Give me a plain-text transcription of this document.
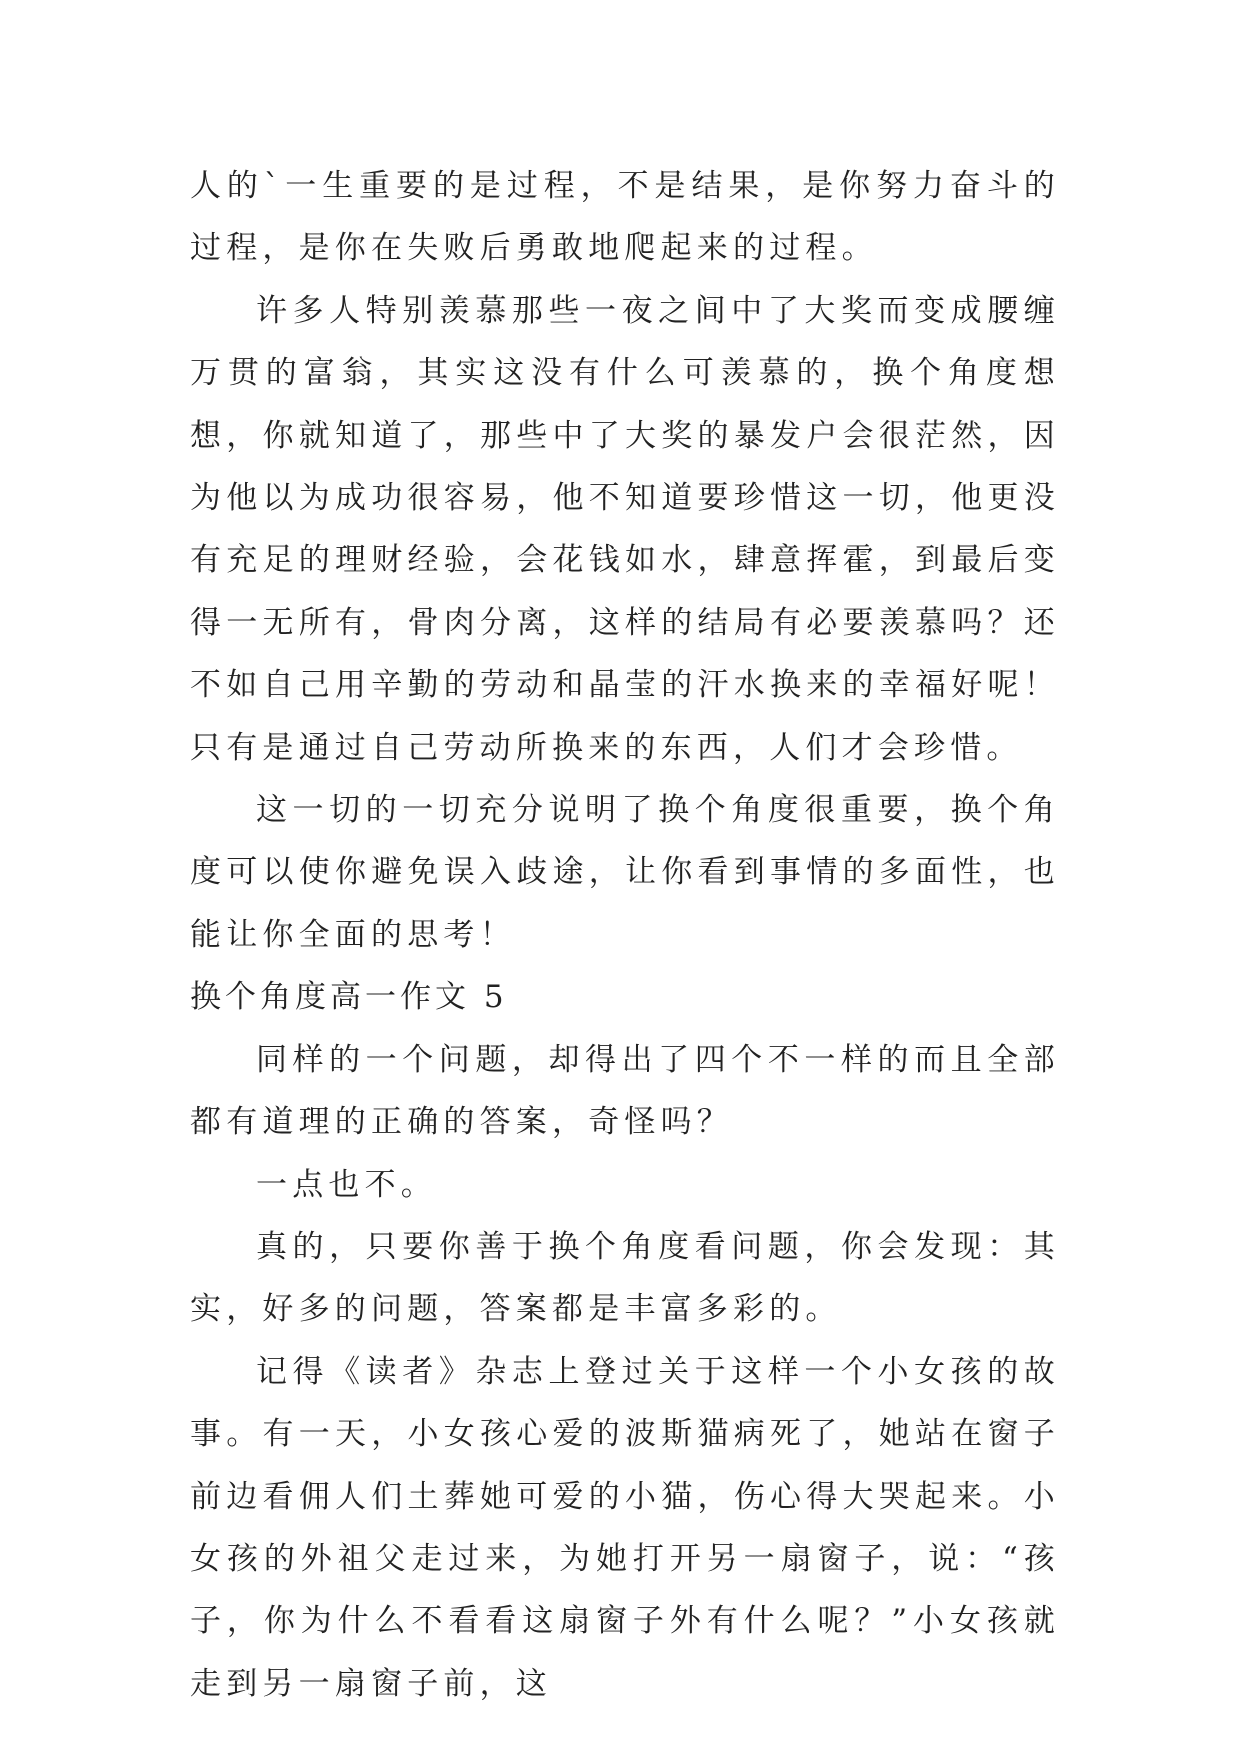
人的`一生重要的是过程，不是结果，是你努力奋斗的过程，是你在失败后勇敢地爬起来的过程。

许多人特别羡慕那些一夜之间中了大奖而变成腰缠万贯的富翁，其实这没有什么可羡慕的，换个角度想想，你就知道了，那些中了大奖的暴发户会很茫然，因为他以为成功很容易，他不知道要珍惜这一切，他更没有充足的理财经验，会花钱如水，肆意挥霍，到最后变得一无所有，骨肉分离，这样的结局有必要羡慕吗？还不如自己用辛勤的劳动和晶莹的汗水换来的幸福好呢！只有是通过自己劳动所换来的东西，人们才会珍惜。

这一切的一切充分说明了换个角度很重要，换个角度可以使你避免误入歧途，让你看到事情的多面性，也能让你全面的思考！

换个角度高一作文 5

同样的一个问题，却得出了四个不一样的而且全部都有道理的正确的答案，奇怪吗？

一点也不。

真的，只要你善于换个角度看问题，你会发现：其实，好多的问题，答案都是丰富多彩的。

记得《读者》杂志上登过关于这样一个小女孩的故事。有一天，小女孩心爱的波斯猫病死了，她站在窗子前边看佣人们土葬她可爱的小猫，伤心得大哭起来。小女孩的外祖父走过来，为她打开另一扇窗子，说：“孩子，你为什么不看看这扇窗子外有什么呢？”小女孩就走到另一扇窗子前，这
